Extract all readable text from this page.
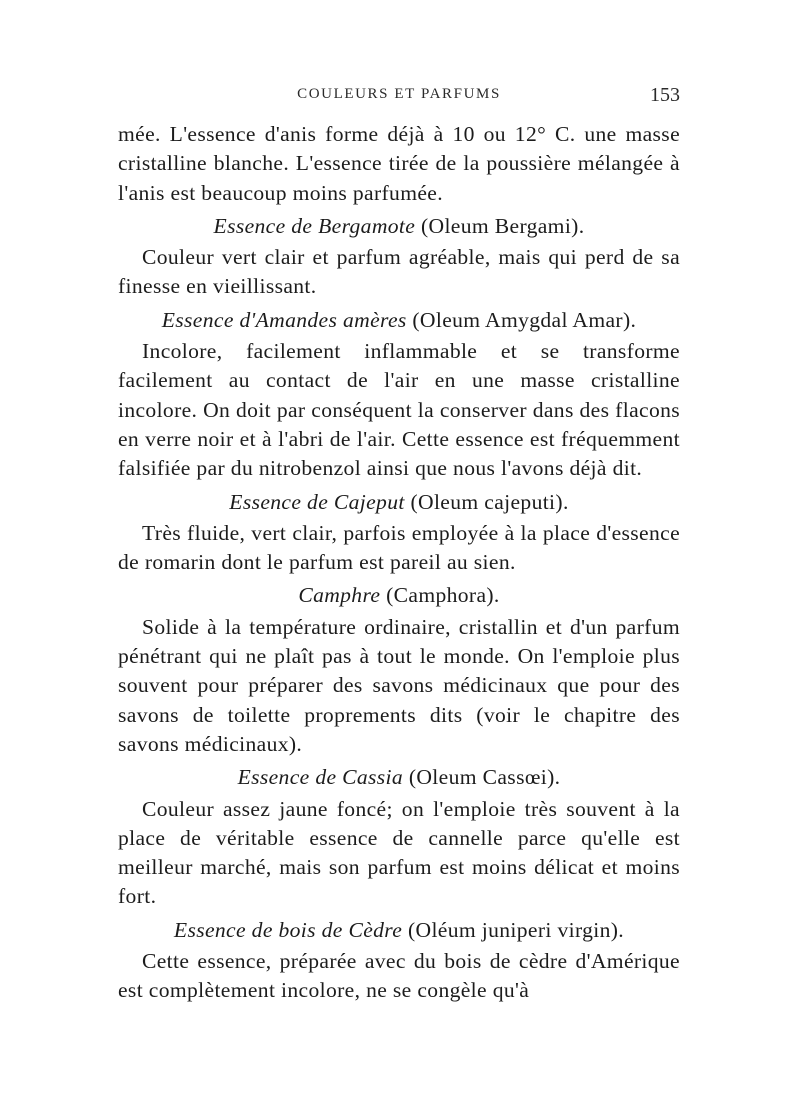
COULEURS ET PARFUMS	153

mée. L'essence d'anis forme déjà à 10 ou 12° C. une masse cristalline blanche. L'essence tirée de la poussière mélangée à l'anis est beaucoup moins parfumée.

Essence de Bergamote (Oleum Bergami).

Couleur vert clair et parfum agréable, mais qui perd de sa finesse en vieillissant.

Essence d'Amandes amères (Oleum Amygdal Amar).

Incolore, facilement inflammable et se transforme facilement au contact de l'air en une masse cristalline incolore. On doit par conséquent la conserver dans des flacons en verre noir et à l'abri de l'air. Cette essence est fréquemment falsifiée par du nitrobenzol ainsi que nous l'avons déjà dit.

Essence de Cajeput (Oleum cajeputi).

Très fluide, vert clair, parfois employée à la place d'essence de romarin dont le parfum est pareil au sien.

Camphre (Camphora).

Solide à la température ordinaire, cristallin et d'un parfum pénétrant qui ne plaît pas à tout le monde. On l'emploie plus souvent pour préparer des savons médicinaux que pour des savons de toilette proprements dits (voir le chapitre des savons médicinaux).

Essence de Cassia (Oleum Cassœi).

Couleur assez jaune foncé; on l'emploie très souvent à la place de véritable essence de cannelle parce qu'elle est meilleur marché, mais son parfum est moins délicat et moins fort.

Essence de bois de Cèdre (Oléum juniperi virgin).

Cette essence, préparée avec du bois de cèdre d'Amérique est complètement incolore, ne se congèle qu'à
